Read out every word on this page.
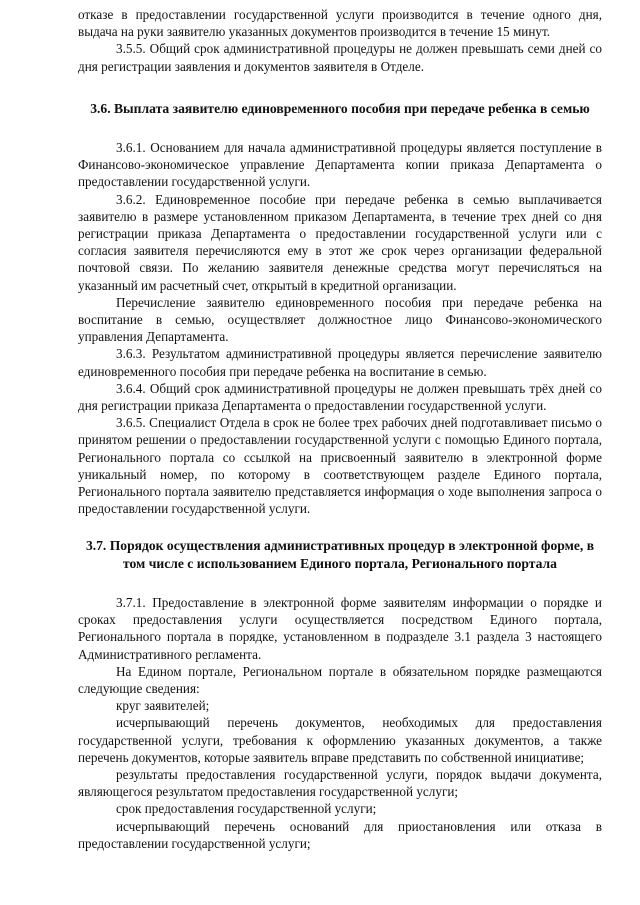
отказе в предоставлении государственной услуги производится в течение одного дня, выдача на руки заявителю указанных документов производится в течение 15 минут.

3.5.5. Общий срок административной процедуры не должен превышать семи дней со дня регистрации заявления и документов заявителя в Отделе.

3.6. Выплата заявителю единовременного пособия при передаче ребенка в семью

3.6.1. Основанием для начала административной процедуры является поступление в Финансово-экономическое управление Департамента копии приказа Департамента о предоставлении государственной услуги.

3.6.2. Единовременное пособие при передаче ребенка в семью выплачивается заявителю в размере установленном приказом Департамента, в течение трех дней со дня регистрации приказа Департамента о предоставлении государственной услуги или с согласия заявителя перечисляются ему в этот же срок через организации федеральной почтовой связи. По желанию заявителя денежные средства могут перечисляться на указанный им расчетный счет, открытый в кредитной организации.

Перечисление заявителю единовременного пособия при передаче ребенка на воспитание в семью, осуществляет должностное лицо Финансово-экономического управления Департамента.

3.6.3. Результатом административной процедуры является перечисление заявителю единовременного пособия при передаче ребенка на воспитание в семью.

3.6.4. Общий срок административной процедуры не должен превышать трёх дней со дня регистрации приказа Департамента о предоставлении государственной услуги.

3.6.5. Специалист Отдела в срок не более трех рабочих дней подготавливает письмо о принятом решении о предоставлении государственной услуги с помощью Единого портала, Регионального портала со ссылкой на присвоенный заявителю в электронной форме уникальный номер, по которому в соответствующем разделе Единого портала, Регионального портала заявителю представляется информация о ходе выполнения запроса о предоставлении государственной услуги.

3.7. Порядок осуществления административных процедур в электронной форме, в
том числе с использованием Единого портала, Регионального портала

3.7.1. Предоставление в электронной форме заявителям информации о порядке и сроках предоставления услуги осуществляется посредством Единого портала, Регионального портала в порядке, установленном в подразделе 3.1 раздела 3 настоящего Административного регламента.

На Едином портале, Региональном портале в обязательном порядке размещаются следующие сведения:

круг заявителей;

исчерпывающий перечень документов, необходимых для предоставления государственной услуги, требования к оформлению указанных документов, а также перечень документов, которые заявитель вправе представить по собственной инициативе;

результаты предоставления государственной услуги, порядок выдачи документа, являющегося результатом предоставления государственной услуги;

срок предоставления государственной услуги;

исчерпывающий перечень оснований для приостановления или отказа в предоставлении государственной услуги;
